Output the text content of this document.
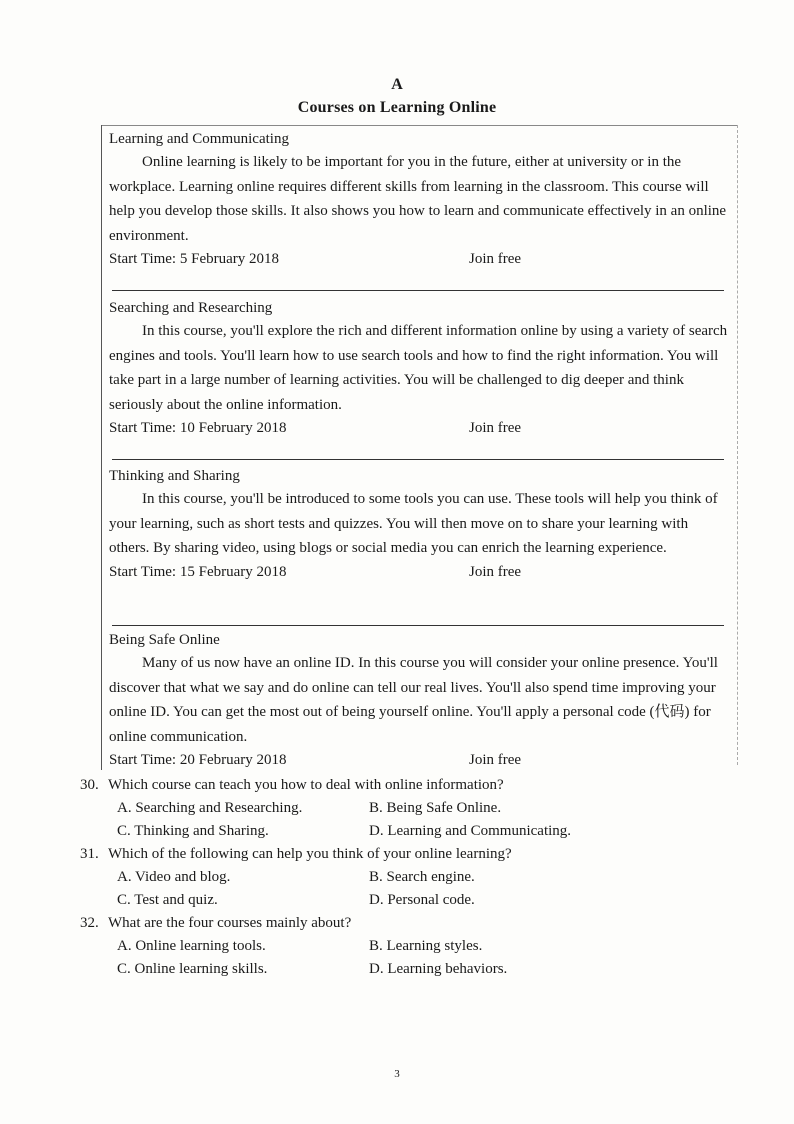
A
Courses on Learning Online

Learning and Communicating

Online learning is likely to be important for you in the future, either at university or in the workplace. Learning online requires different skills from learning in the classroom. This course will help you develop those skills. It also shows you how to learn and communicate effectively in an online environment.

Start Time: 5 February 2018	Join free

Searching and Researching

In this course, you'll explore the rich and different information online by using a variety of search engines and tools. You'll learn how to use search tools and how to find the right information. You will take part in a large number of learning activities. You will be challenged to dig deeper and think seriously about the online information.

Start Time: 10 February 2018	Join free

Thinking and Sharing

In this course, you'll be introduced to some tools you can use. These tools will help you think of your learning, such as short tests and quizzes. You will then move on to share your learning with others. By sharing video, using blogs or social media you can enrich the learning experience.

Start Time: 15 February 2018	Join free

Being Safe Online

Many of us now have an online ID. In this course you will consider your online presence. You'll discover that what we say and do online can tell our real lives. You'll also spend time improving your online ID. You can get the most out of being yourself online. You'll apply a personal code (代码) for online communication.

Start Time: 20 February 2018	Join free
30. Which course can teach you how to deal with online information?
A. Searching and Researching.	B. Being Safe Online.
C. Thinking and Sharing.	D. Learning and Communicating.
31. Which of the following can help you think of your online learning?
A. Video and blog.	B. Search engine.
C. Test and quiz.	D. Personal code.
32. What are the four courses mainly about?
A. Online learning tools.	B. Learning styles.
C. Online learning skills.	D. Learning behaviors.
3
